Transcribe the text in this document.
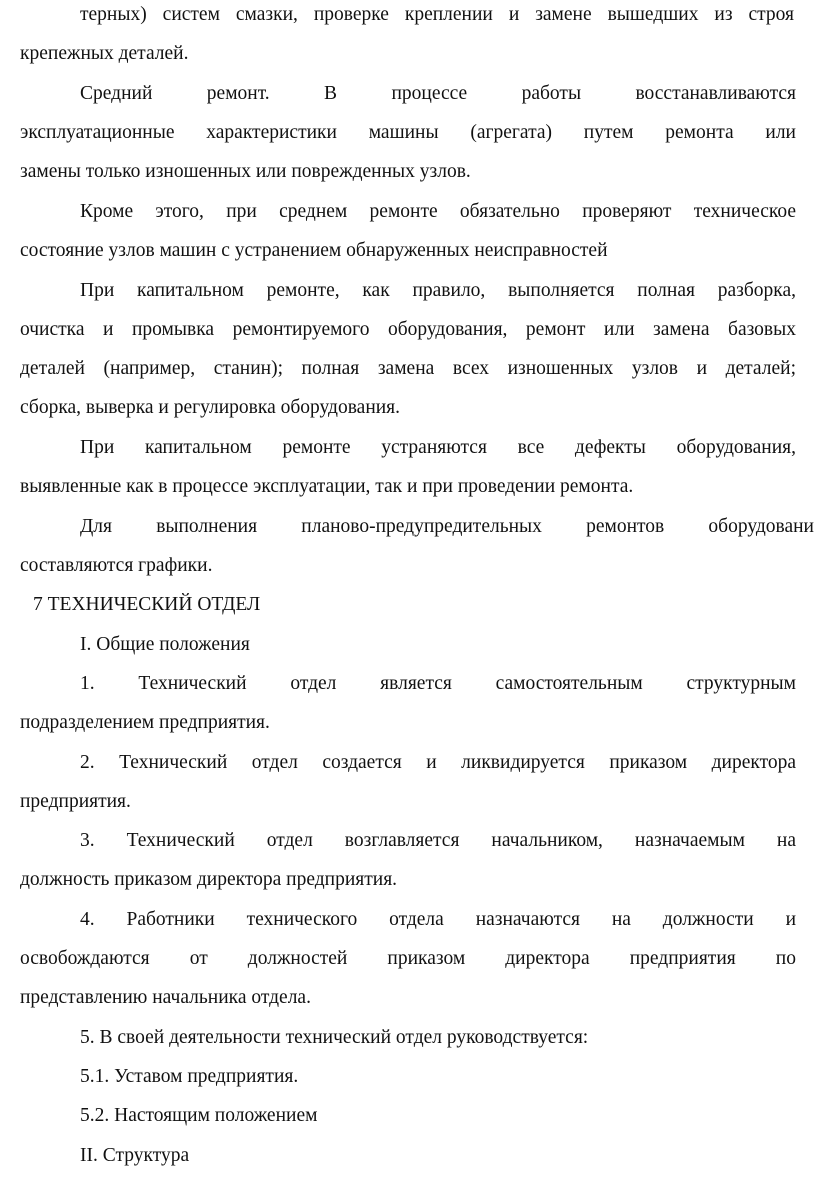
терных) систем смазки, проверке креплении и замене вышедших из строя
крепежных деталей.
Средний ремонт. В процессе работы восстанавливаются
эксплуатационные характеристики машины (агрегата) путем ремонта или
замены только изношенных или поврежденных узлов.
Кроме этого, при среднем ремонте обязательно проверяют техническое
состояние узлов машин с устранением обнаруженных неисправностей
При капитальном ремонте, как правило, выполняется полная разборка,
очистка и промывка ремонтируемого оборудования, ремонт или замена базовых
деталей (например, станин); полная замена всех изношенных узлов и деталей;
сборка, выверка и регулировка оборудования.
При капитальном ремонте устраняются все дефекты оборудования,
выявленные как в процессе эксплуатации, так и при проведении ремонта.
Для выполнения планово-предупредительных ремонтов оборудовани
составляются графики.
7 ТЕХНИЧЕСКИЙ ОТДЕЛ
I. Общие положения
1. Технический отдел является самостоятельным структурным
подразделением предприятия.
2. Технический отдел создается и ликвидируется приказом директора
предприятия.
3. Технический отдел возглавляется начальником, назначаемым на
должность приказом директора предприятия.
4. Работники технического отдела назначаются на должности и
освобождаются от должностей приказом директора предприятия по
представлению начальника отдела.
5. В своей деятельности технический отдел руководствуется:
5.1. Уставом предприятия.
5.2. Настоящим положением
II. Структура
